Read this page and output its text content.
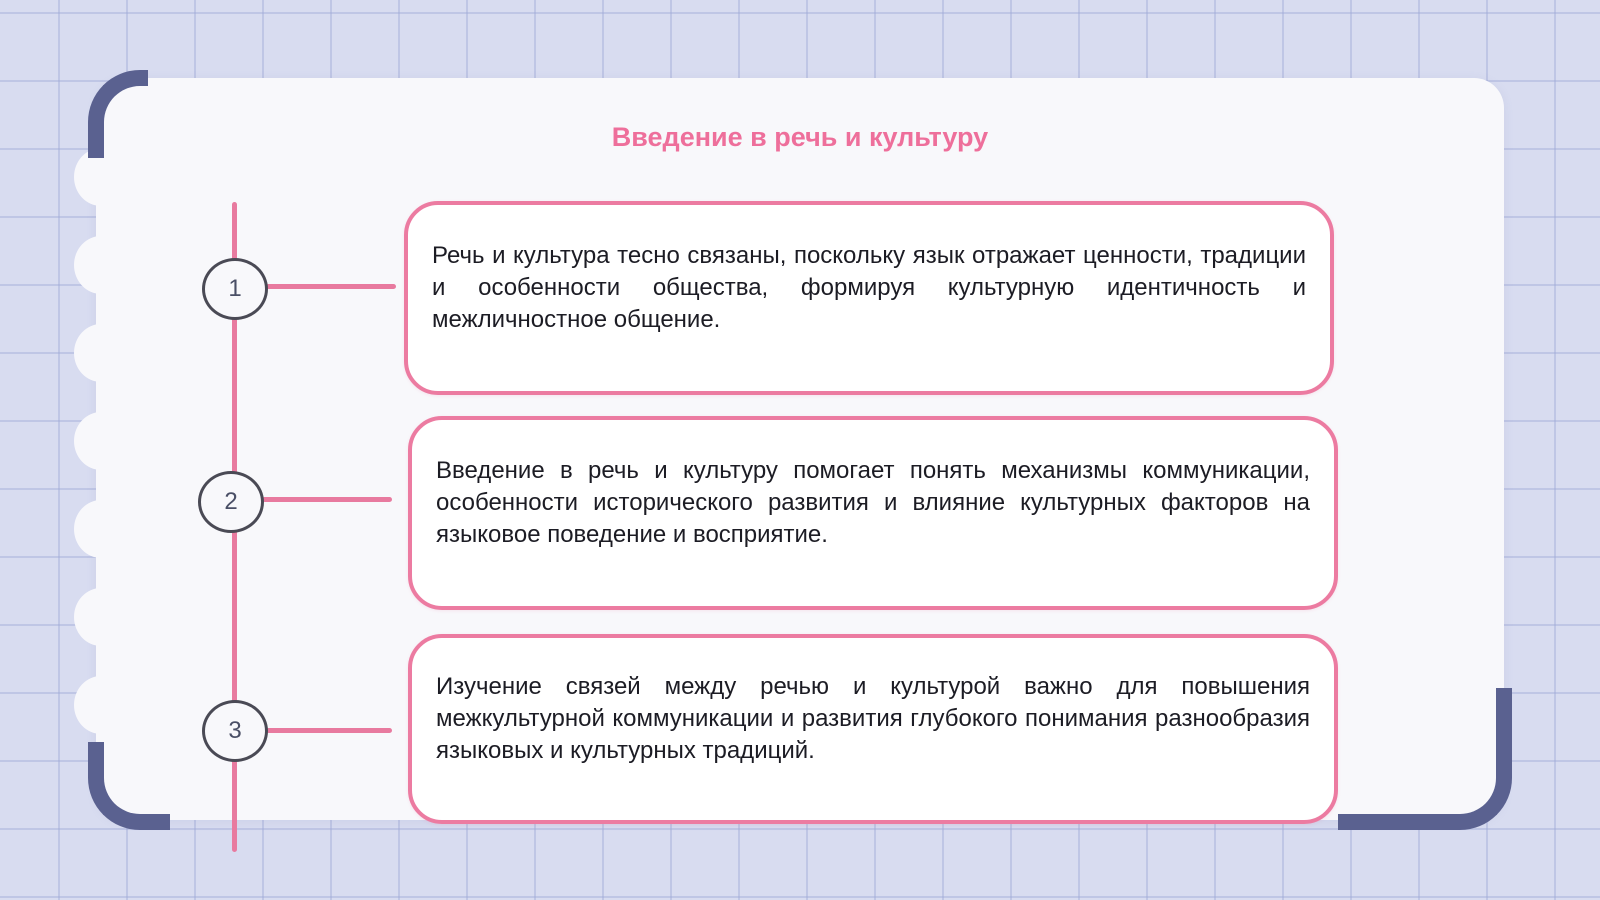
Введение в речь и культуру
1
2
3

Речь и культура тесно связаны, поскольку язык отражает ценности, традиции и особенности общества, формируя культурную идентичность и межличностное общение.

Введение в речь и культуру помогает понять механизмы коммуникации, особенности исторического развития и влияние культурных факторов на языковое поведение и восприятие.

Изучение связей между речью и культурой важно для повышения межкультурной коммуникации и развития глубокого понимания разнообразия языковых и культурных традиций.
